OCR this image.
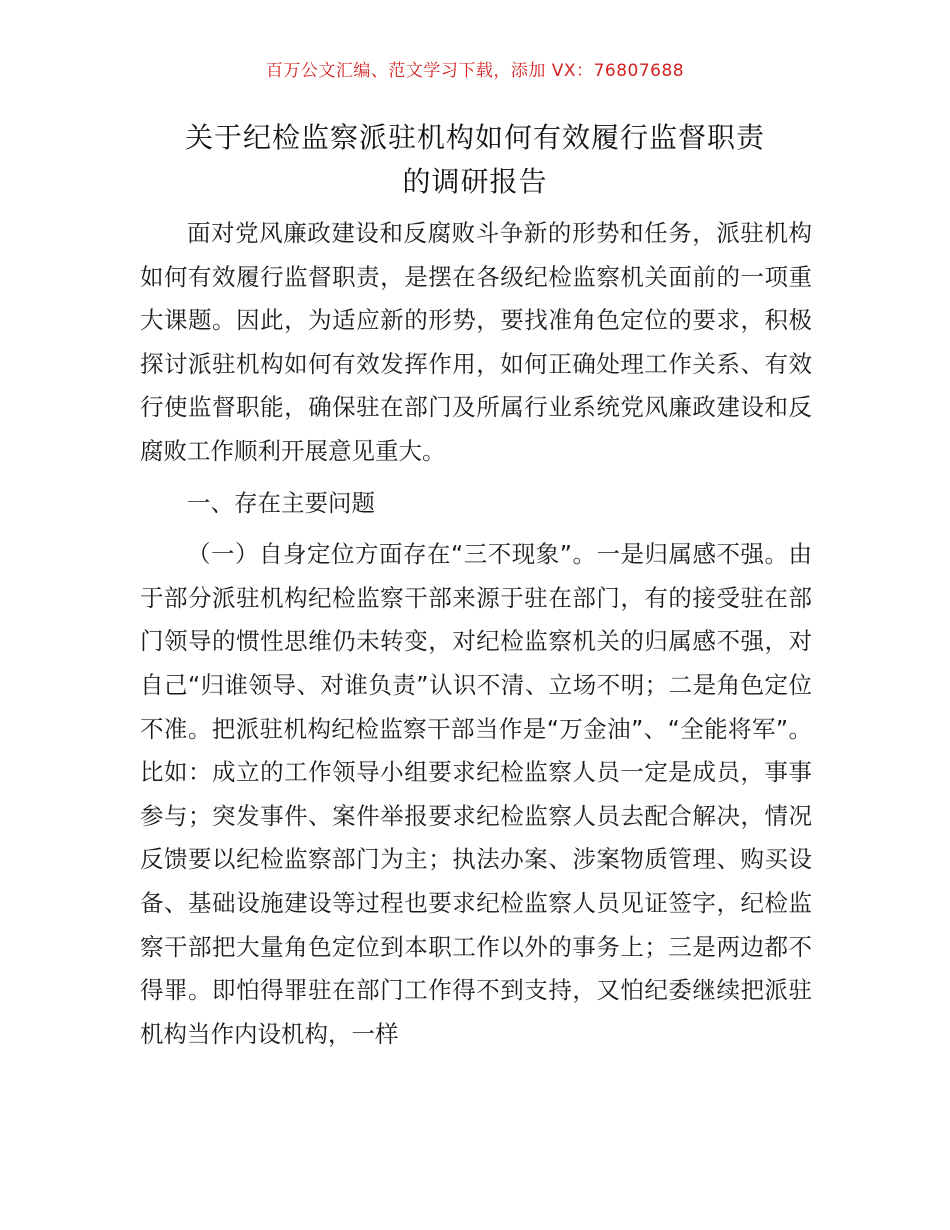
百万公文汇编、范文学习下载，添加 VX：76807688
关于纪检监察派驻机构如何有效履行监督职责
的调研报告

面对党风廉政建设和反腐败斗争新的形势和任务，派驻机构如何有效履行监督职责，是摆在各级纪检监察机关面前的一项重大课题。因此，为适应新的形势，要找准角色定位的要求，积极探讨派驻机构如何有效发挥作用，如何正确处理工作关系、有效行使监督职能，确保驻在部门及所属行业系统党风廉政建设和反腐败工作顺利开展意见重大。

一、存在主要问题

（一）自身定位方面存在“三不现象”。一是归属感不强。由于部分派驻机构纪检监察干部来源于驻在部门，有的接受驻在部门领导的惯性思维仍未转变，对纪检监察机关的归属感不强，对自己“归谁领导、对谁负责”认识不清、立场不明；二是角色定位不准。把派驻机构纪检监察干部当作是“万金油”、“全能将军”。比如：成立的工作领导小组要求纪检监察人员一定是成员，事事参与；突发事件、案件举报要求纪检监察人员去配合解决，情况反馈要以纪检监察部门为主；执法办案、涉案物质管理、购买设备、基础设施建设等过程也要求纪检监察人员见证签字，纪检监察干部把大量角色定位到本职工作以外的事务上；三是两边都不得罪。即怕得罪驻在部门工作得不到支持，又怕纪委继续把派驻机构当作内设机构，一样
